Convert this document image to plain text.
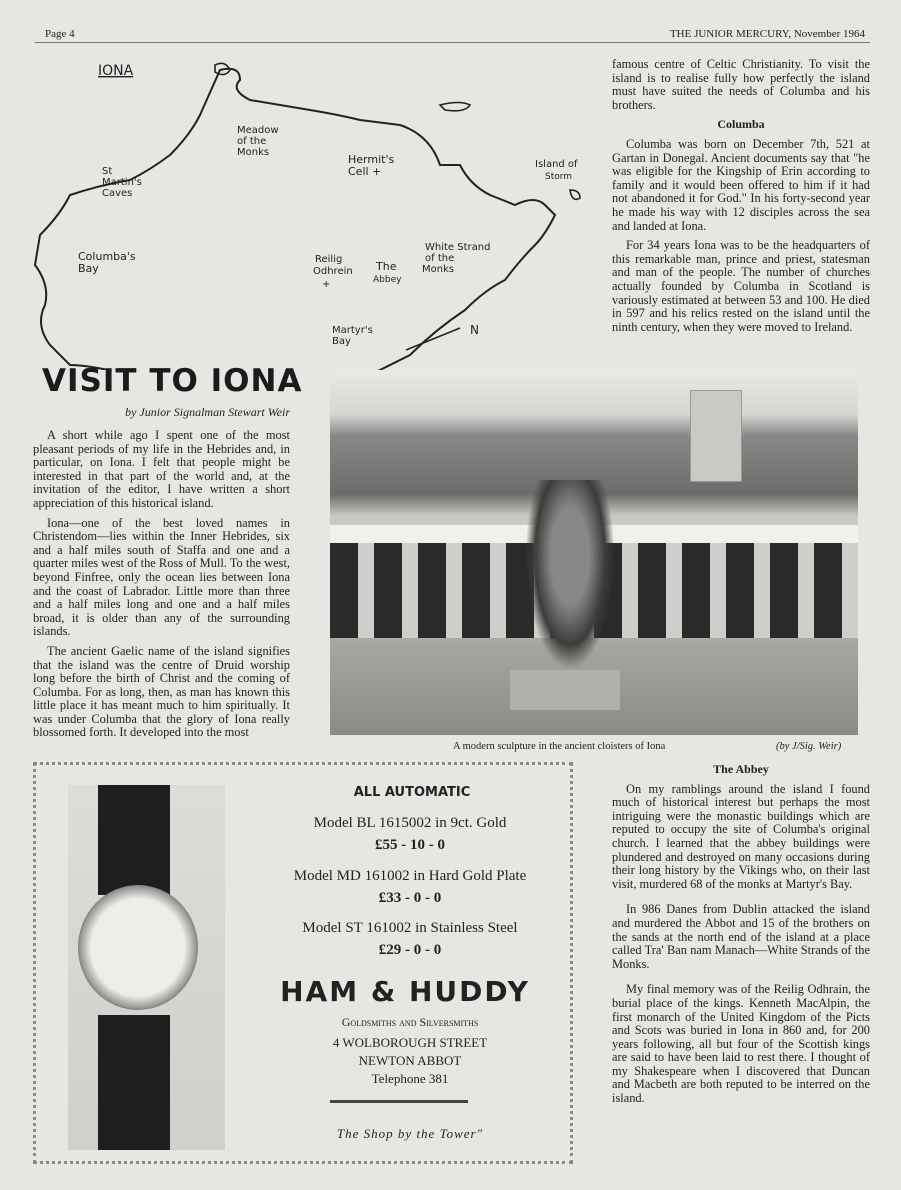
Page 4	THE JUNIOR MERCURY, November 1964
IONA
Meadow
of the
Monks
Hermit's
Cell +
Island of
Storm
St
Martin's
Caves
Columba's
Bay
Reilig
Odhrein
+
The
Abbey
White Strand
of the
Monks
Martyr's
Bay
N

famous centre of Celtic Christianity. To visit the island is to realise fully how perfectly the island must have suited the needs of Columba and his brothers.

Columba

Columba was born on December 7th, 521 at Gartan in Donegal. Ancient documents say that "he was eligible for the Kingship of Erin according to family and it would been offered to him if it had not abandoned it for God." In his forty-second year he made his way with 12 disciples across the sea and landed at Iona.

For 34 years Iona was to be the headquarters of this remarkable man, prince and priest, statesman and man of the people. The number of churches actually founded by Columba in Scotland is variously estimated at between 53 and 100. He died in 597 and his relics rested on the island until the ninth century, when they were moved to Ireland.

VISIT TO IONA
by Junior Signalman Stewart Weir

A short while ago I spent one of the most pleasant periods of my life in the Hebrides and, in particular, on Iona. I felt that people might be interested in that part of the world and, at the invitation of the editor, I have written a short appreciation of this historical island.

Iona—one of the best loved names in Christendom—lies within the Inner Hebrides, six and a half miles south of Staffa and one and a quarter miles west of the Ross of Mull. To the west, beyond Finfree, only the ocean lies between Iona and the coast of Labrador. Little more than three and a half miles long and one and a half miles broad, it is older than any of the surrounding islands.

The ancient Gaelic name of the island signifies that the island was the centre of Druid worship long before the birth of Christ and the coming of Columba. For as long, then, as man has known this little place it has meant much to him spiritually. It was under Columba that the glory of Iona really blossomed forth. It developed into the most

A modern sculpture in the ancient cloisters of Iona	(by J/Sig. Weir)
ALL AUTOMATIC
Model BL 1615002 in 9ct. Gold
£55 - 10 - 0
Model MD 161002 in Hard Gold Plate
£33 - 0 - 0
Model ST 161002 in Stainless Steel
£29 - 0 - 0
HAM & HUDDY
Goldsmiths and Silversmiths
4 WOLBOROUGH STREET
NEWTON ABBOT
Telephone 381
The Shop by the Tower"
The Abbey

On my ramblings around the island I found much of historical interest but perhaps the most intriguing were the monastic buildings which are reputed to occupy the site of Columba's original church. I learned that the abbey buildings were plundered and destroyed on many occasions during their long history by the Vikings who, on their last visit, murdered 68 of the monks at Martyr's Bay.

In 986 Danes from Dublin attacked the island and murdered the Abbot and 15 of the brothers on the sands at the north end of the island at a place called Tra' Ban nam Manach—White Strands of the Monks.

My final memory was of the Reilig Odhrain, the burial place of the kings. Kenneth MacAlpin, the first monarch of the United Kingdom of the Picts and Scots was buried in Iona in 860 and, for 200 years following, all but four of the Scottish kings are said to have been laid to rest there. I thought of my Shakespeare when I discovered that Duncan and Macbeth are both reputed to be interred on the island.
